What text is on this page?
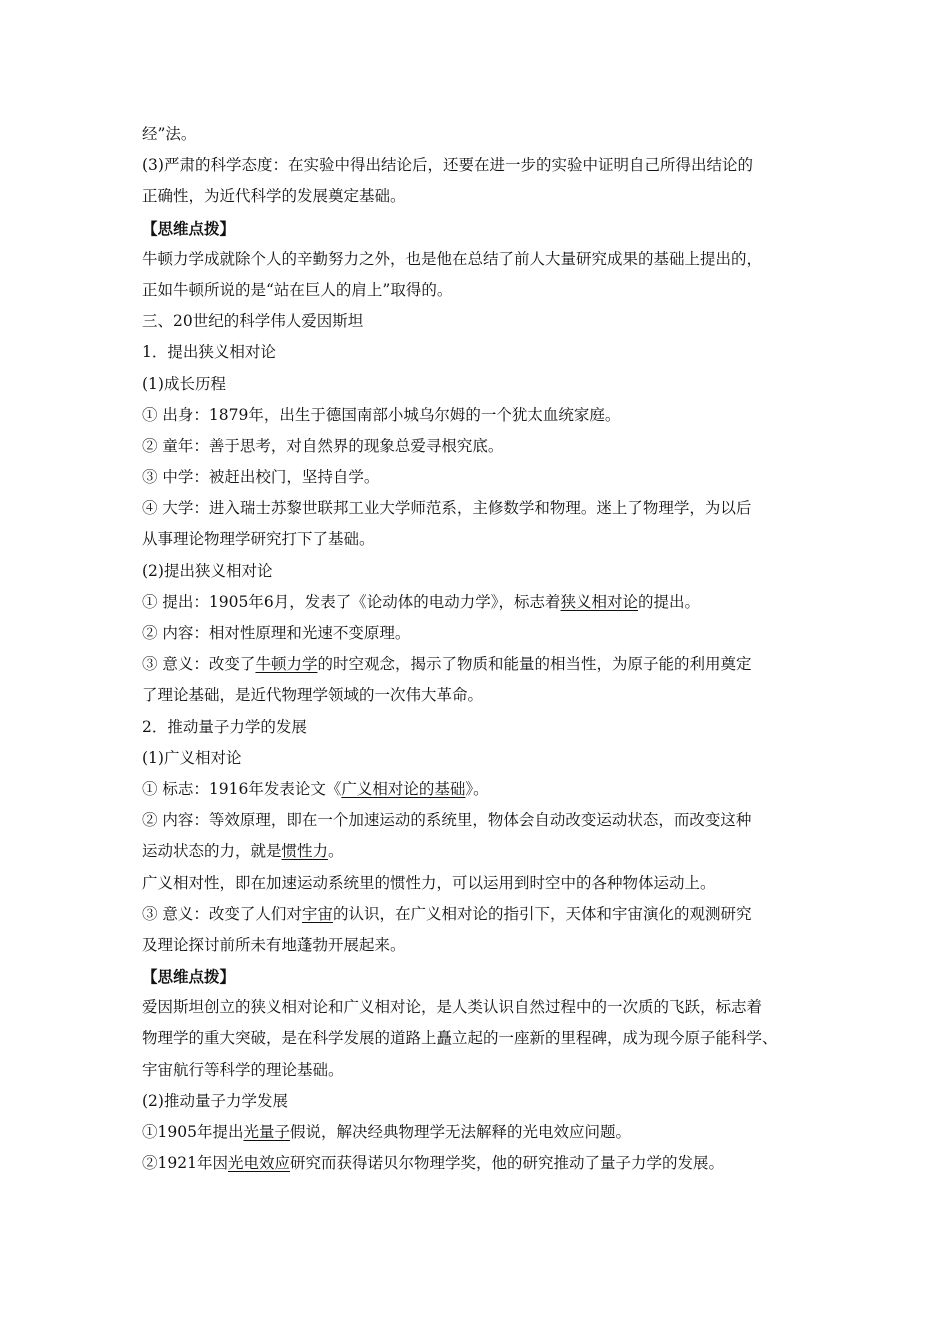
经”法。
(3)严肃的科学态度：在实验中得出结论后，还要在进一步的实验中证明自己所得出结论的
正确性，为近代科学的发展奠定基础。
【思维点拨】
牛顿力学成就除个人的辛勤努力之外，也是他在总结了前人大量研究成果的基础上提出的，
正如牛顿所说的是“站在巨人的肩上”取得的。
三、20世纪的科学伟人爱因斯坦
1．提出狭义相对论
(1)成长历程
① 出身：1879年，出生于德国南部小城乌尔姆的一个犹太血统家庭。
② 童年：善于思考，对自然界的现象总爱寻根究底。
③ 中学：被赶出校门，坚持自学。
④ 大学：进入瑞士苏黎世联邦工业大学师范系，主修数学和物理。迷上了物理学，为以后
从事理论物理学研究打下了基础。
(2)提出狭义相对论
① 提出：1905年6月，发表了《论动体的电动力学》，标志着狭义相对论的提出。
② 内容：相对性原理和光速不变原理。
③ 意义：改变了牛顿力学的时空观念，揭示了物质和能量的相当性，为原子能的利用奠定
了理论基础，是近代物理学领域的一次伟大革命。
2．推动量子力学的发展
(1)广义相对论
① 标志：1916年发表论文《广义相对论的基础》。
② 内容：等效原理，即在一个加速运动的系统里，物体会自动改变运动状态，而改变这种
运动状态的力，就是惯性力。
广义相对性，即在加速运动系统里的惯性力，可以运用到时空中的各种物体运动上。
③ 意义：改变了人们对宇宙的认识，在广义相对论的指引下，天体和宇宙演化的观测研究
及理论探讨前所未有地蓬勃开展起来。
【思维点拨】
爱因斯坦创立的狭义相对论和广义相对论，是人类认识自然过程中的一次质的飞跃，标志着
物理学的重大突破，是在科学发展的道路上矗立起的一座新的里程碑，成为现今原子能科学、
宇宙航行等科学的理论基础。
(2)推动量子力学发展
①1905年提出光量子假说，解决经典物理学无法解释的光电效应问题。
②1921年因光电效应研究而获得诺贝尔物理学奖，他的研究推动了量子力学的发展。
